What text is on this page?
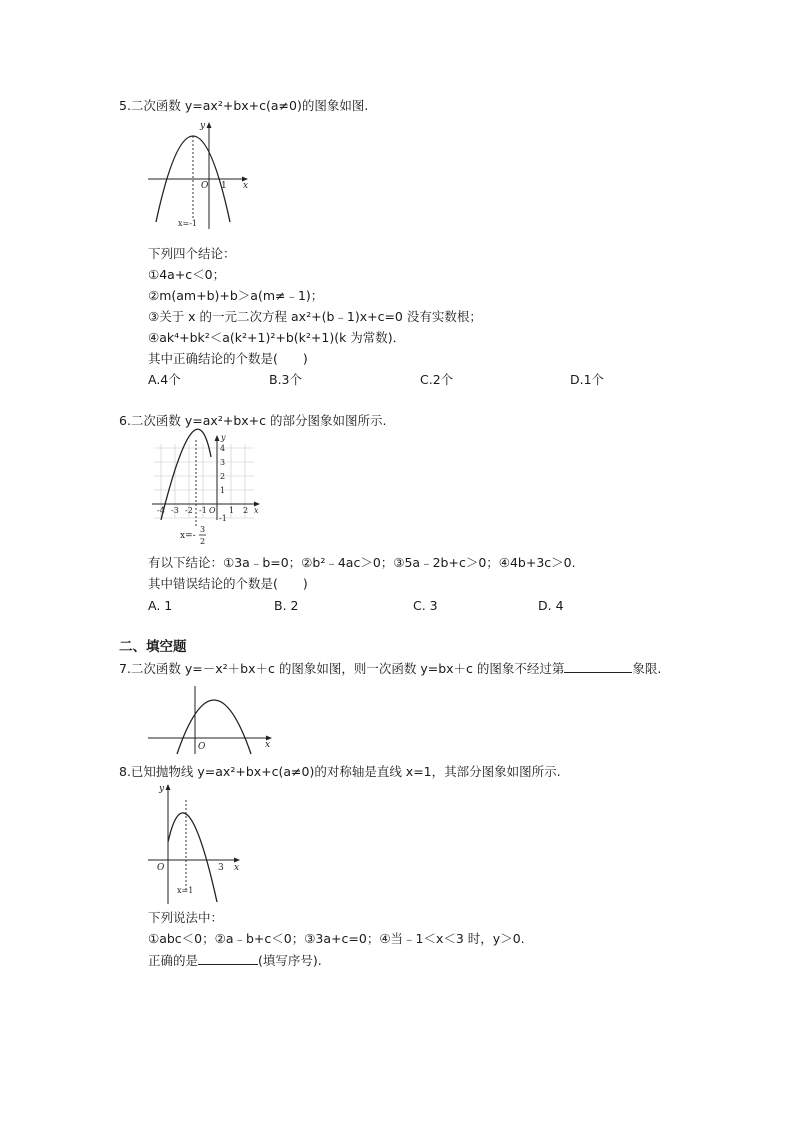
5.二次函数 y=ax²+bx+c(a≠0)的图象如图.
y
O 1 x
x=-1
下列四个结论：
①4a+c＜0；
②m(am+b)+b＞a(m≠﹣1)；
③关于 x 的一元二次方程 ax²+(b﹣1)x+c=0 没有实数根；
④ak⁴+bk²＜a(k²+1)²+b(k²+1)(k 为常数)．
其中正确结论的个数是(　　)
A.4个	B.3个	C.2个	D.1个
6.二次函数 y=ax²+bx+c 的部分图象如图所示.
-4 -3 -2 -1 O 1 2 x
4
3
2
1
-1
y
x=-
3
2
有以下结论：①3a﹣b=0；②b²﹣4ac＞0；③5a﹣2b+c＞0；④4b+3c＞0.
其中错误结论的个数是(　　)
A. 1	B. 2	C. 3	D. 4
二、填空题
7.二次函数 y=－x²＋bx＋c 的图象如图，则一次函数 y=bx＋c 的图象不经过第	象限.
O	x
8.已知抛物线 y=ax²+bx+c(a≠0)的对称轴是直线 x=1，其部分图象如图所示.
y
O	3 x
x=1
下列说法中：
①abc＜0；②a﹣b+c＜0；③3a+c=0；④当﹣1＜x＜3 时，y＞0.
正确的是	(填写序号).
